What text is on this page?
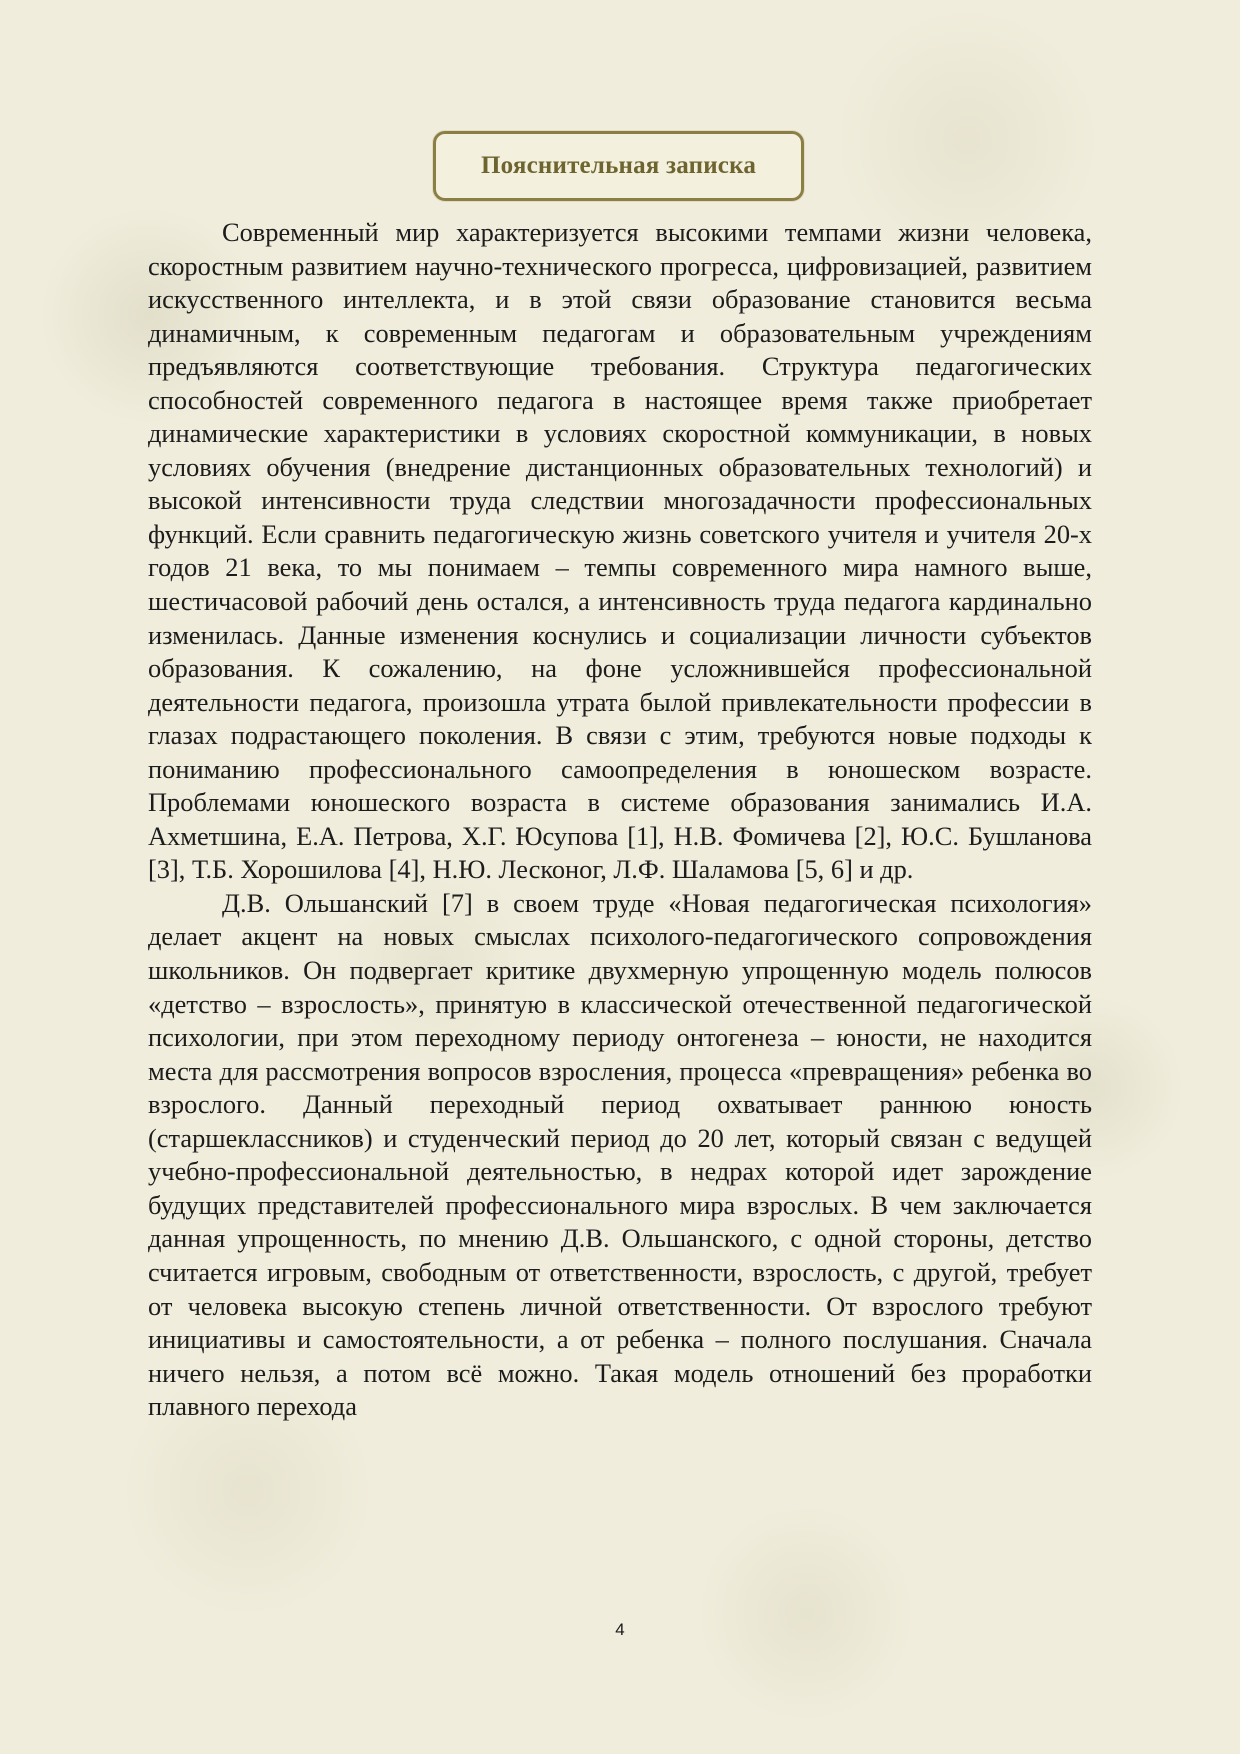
Пояснительная записка

Современный мир характеризуется высокими темпами жизни человека, скоростным развитием научно-технического прогресса, цифровизацией, развитием искусственного интеллекта, и в этой связи образование становится весьма динамичным, к современным педагогам и образовательным учреждениям предъявляются соответствующие требования. Структура педагогических способностей современного педагога в настоящее время также приобретает динамические характеристики в условиях скоростной коммуникации, в новых условиях обучения (внедрение дистанционных образовательных технологий) и высокой интенсивности труда следствии многозадачности профессиональных функций. Если сравнить педагогическую жизнь советского учителя и учителя 20-х годов 21 века, то мы понимаем – темпы современного мира намного выше, шестичасовой рабочий день остался, а интенсивность труда педагога кардинально изменилась. Данные изменения коснулись и социализации личности субъектов образования. К сожалению, на фоне усложнившейся профессиональной деятельности педагога, произошла утрата былой привлекательности профессии в глазах подрастающего поколения. В связи с этим, требуются новые подходы к пониманию профессионального самоопределения в юношеском возрасте. Проблемами юношеского возраста в системе образования занимались И.А. Ахметшина, Е.А. Петрова, Х.Г. Юсупова [1], Н.В. Фомичева [2], Ю.С. Бушланова [3], Т.Б. Хорошилова [4], Н.Ю. Лесконог, Л.Ф. Шаламова [5, 6] и др.

Д.В. Ольшанский [7] в своем труде «Новая педагогическая психология» делает акцент на новых смыслах психолого-педагогического сопровождения школьников. Он подвергает критике двухмерную упрощенную модель полюсов «детство – взрослость», принятую в классической отечественной педагогической психологии, при этом переходному периоду онтогенеза – юности, не находится места для рассмотрения вопросов взросления, процесса «превращения» ребенка во взрослого. Данный переходный период охватывает раннюю юность (старшеклассников) и студенческий период до 20 лет, который связан с ведущей учебно-профессиональной деятельностью, в недрах которой идет зарождение будущих представителей профессионального мира взрослых. В чем заключается данная упрощенность, по мнению Д.В. Ольшанского, с одной стороны, детство считается игровым, свободным от ответственности, взрослость, с другой, требует от человека высокую степень личной ответственности. От взрослого требуют инициативы и самостоятельности, а от ребенка – полного послушания. Сначала ничего нельзя, а потом всё можно. Такая модель отношений без проработки плавного перехода

4
